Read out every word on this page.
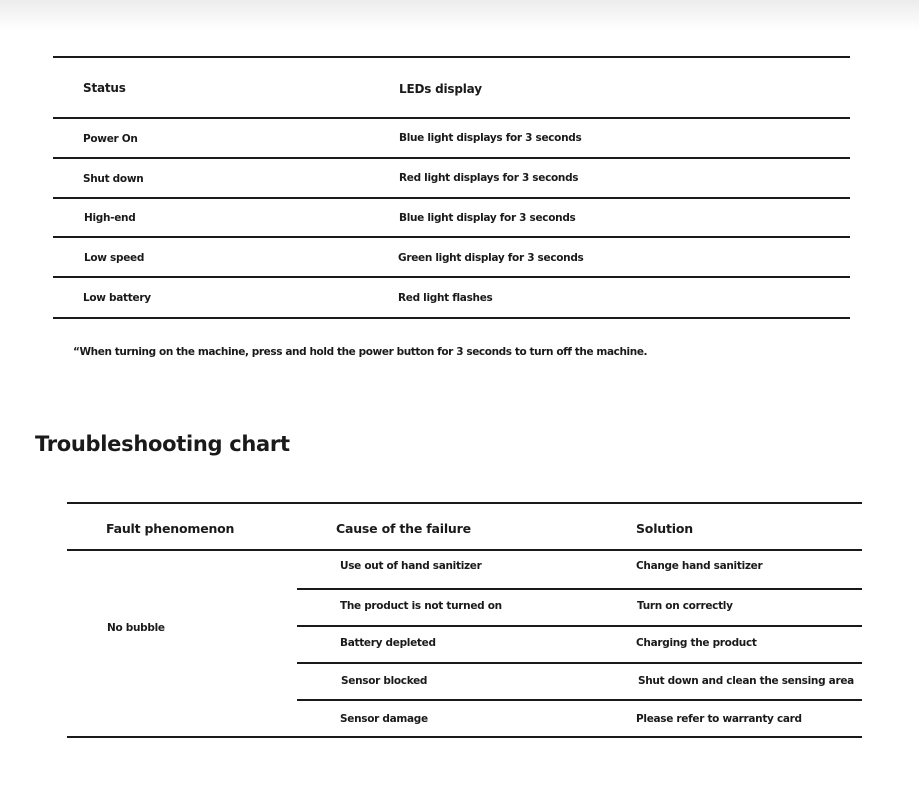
Status	LEDs display
Power On	Blue light displays for 3 seconds
Shut down	Red light displays for 3 seconds
High-end	Blue light display for 3 seconds
Low speed	Green light display for 3 seconds
Low battery	Red light flashes
“When turning on the machine, press and hold the power button for 3 seconds to turn off the machine.
Troubleshooting chart
Fault phenomenon	Cause of the failure	Solution
No bubble
Use out of hand sanitizer	Change hand sanitizer
The product is not turned on	Turn on correctly
Battery depleted	Charging the product
Sensor blocked	Shut down and clean the sensing area
Sensor damage	Please refer to warranty card
